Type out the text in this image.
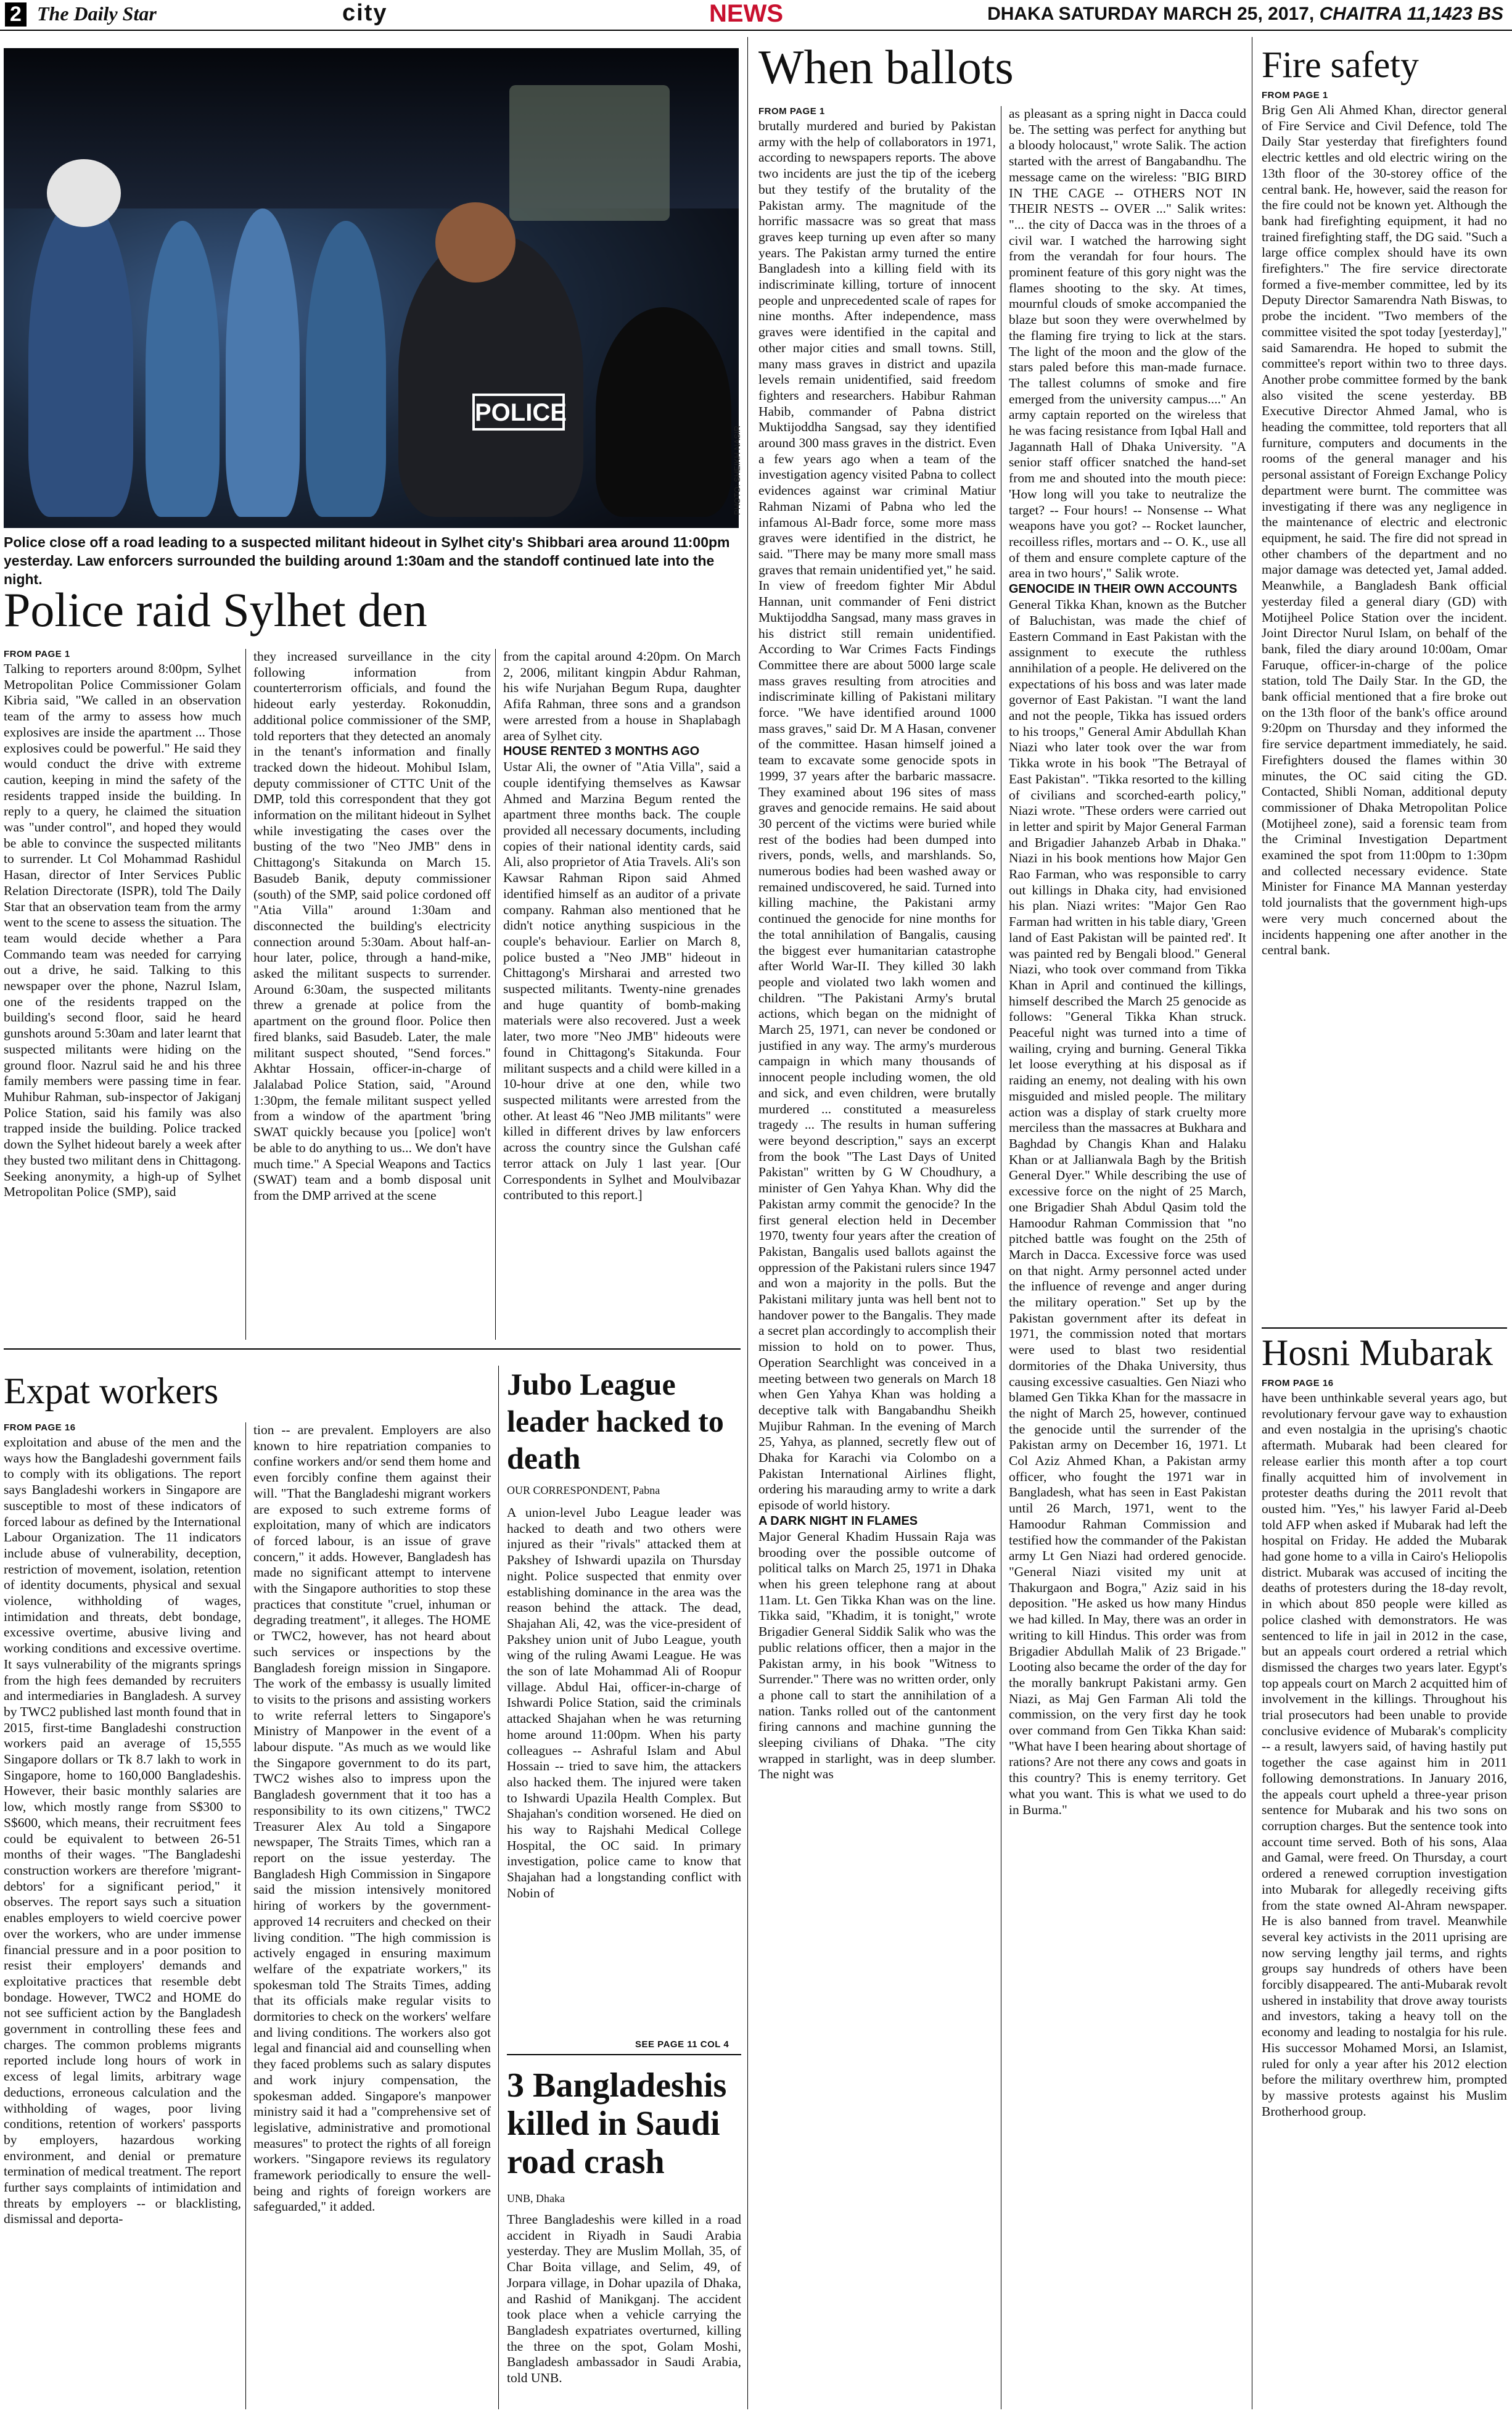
2 The Daily Star	city	NEWS	DHAKA SATURDAY MARCH 25, 2017, CHAITRA 11,1423 BS
POLICE
PHOTO: SHEIKH NASIR
Police close off a road leading to a suspected militant hideout in Sylhet city's Shibbari area around 11:00pm yesterday. Law enforcers surrounded the building around 1:30am and the standoff continued late into the night.
Police raid Sylhet den
FROM PAGE 1

Talking to reporters around 8:00pm, Sylhet Metropolitan Police Commissioner Golam Kibria said, "We called in an observation team of the army to assess how much explosives are inside the apartment ... Those explosives could be powerful." He said they would conduct the drive with extreme caution, keeping in mind the safety of the residents trapped inside the building. In reply to a query, he claimed the situation was "under control", and hoped they would be able to convince the suspected militants to surrender. Lt Col Mohammad Rashidul Hasan, director of Inter Services Public Relation Directorate (ISPR), told The Daily Star that an observation team from the army went to the scene to assess the situation. The team would decide whether a Para Commando team was needed for carrying out a drive, he said. Talking to this newspaper over the phone, Nazrul Islam, one of the residents trapped on the building's second floor, said he heard gunshots around 5:30am and later learnt that suspected militants were hiding on the ground floor. Nazrul said he and his three family members were passing time in fear. Muhibur Rahman, sub-inspector of Jakiganj Police Station, said his family was also trapped inside the building. Police tracked down the Sylhet hideout barely a week after they busted two militant dens in Chittagong. Seeking anonymity, a high-up of Sylhet Metropolitan Police (SMP), said

they increased surveillance in the city following information from counterterrorism officials, and found the hideout early yesterday. Rokonuddin, additional police commissioner of the SMP, told reporters that they detected an anomaly in the tenant's information and finally tracked down the hideout. Mohibul Islam, deputy commissioner of CTTC Unit of the DMP, told this correspondent that they got information on the militant hideout in Sylhet while investigating the cases over the busting of the two "Neo JMB" dens in Chittagong's Sitakunda on March 15. Basudeb Banik, deputy commissioner (south) of the SMP, said police cordoned off "Atia Villa" around 1:30am and disconnected the building's electricity connection around 5:30am. About half-an-hour later, police, through a hand-mike, asked the militant suspects to surrender. Around 6:30am, the suspected militants threw a grenade at police from the apartment on the ground floor. Police then fired blanks, said Basudeb. Later, the male militant suspect shouted, "Send forces." Akhtar Hossain, officer-in-charge of Jalalabad Police Station, said, "Around 1:30pm, the female militant suspect yelled from a window of the apartment 'bring SWAT quickly because you [police] won't be able to do anything to us... We don't have much time." A Special Weapons and Tactics (SWAT) team and a bomb disposal unit from the DMP arrived at the scene

from the capital around 4:20pm. On March 2, 2006, militant kingpin Abdur Rahman, his wife Nurjahan Begum Rupa, daughter Afifa Rahman, three sons and a grandson were arrested from a house in Shaplabagh area of Sylhet city.

HOUSE RENTED 3 MONTHS AGO

Ustar Ali, the owner of "Atia Villa", said a couple identifying themselves as Kawsar Ahmed and Marzina Begum rented the apartment three months back. The couple provided all necessary documents, including copies of their national identity cards, said Ali, also proprietor of Atia Travels. Ali's son Kawsar Rahman Ripon said Ahmed identified himself as an auditor of a private company. Rahman also mentioned that he didn't notice anything suspicious in the couple's behaviour. Earlier on March 8, police busted a "Neo JMB" hideout in Chittagong's Mirsharai and arrested two suspected militants. Twenty-nine grenades and huge quantity of bomb-making materials were also recovered. Just a week later, two more "Neo JMB" hideouts were found in Chittagong's Sitakunda. Four militant suspects and a child were killed in a 10-hour drive at one den, while two suspected militants were arrested from the other. At least 46 "Neo JMB militants" were killed in different drives by law enforcers across the country since the Gulshan café terror attack on July 1 last year. [Our Correspondents in Sylhet and Moulvibazar contributed to this report.]

Expat workers
FROM PAGE 16

exploitation and abuse of the men and the ways how the Bangladeshi government fails to comply with its obligations. The report says Bangladeshi workers in Singapore are susceptible to most of these indicators of forced labour as defined by the International Labour Organization. The 11 indicators include abuse of vulnerability, deception, restriction of movement, isolation, retention of identity documents, physical and sexual violence, withholding of wages, intimidation and threats, debt bondage, excessive overtime, abusive living and working conditions and excessive overtime. It says vulnerability of the migrants springs from the high fees demanded by recruiters and intermediaries in Bangladesh. A survey by TWC2 published last month found that in 2015, first-time Bangladeshi construction workers paid an average of 15,555 Singapore dollars or Tk 8.7 lakh to work in Singapore, home to 160,000 Bangladeshis. However, their basic monthly salaries are low, which mostly range from S$300 to S$600, which means, their recruitment fees could be equivalent to between 26-51 months of their wages. "The Bangladeshi construction workers are therefore 'migrant-debtors' for a significant period," it observes. The report says such a situation enables employers to wield coercive power over the workers, who are under immense financial pressure and in a poor position to resist their employers' demands and exploitative practices that resemble debt bondage. However, TWC2 and HOME do not see sufficient action by the Bangladesh government in controlling these fees and charges. The common problems migrants reported include long hours of work in excess of legal limits, arbitrary wage deductions, erroneous calculation and the withholding of wages, poor living conditions, retention of workers' passports by employers, hazardous working environment, and denial or premature termination of medical treatment. The report further says complaints of intimidation and threats by employers -- or blacklisting, dismissal and deporta-

tion -- are prevalent. Employers are also known to hire repatriation companies to confine workers and/or send them home and even forcibly confine them against their will. "That the Bangladeshi migrant workers are exposed to such extreme forms of exploitation, many of which are indicators of forced labour, is an issue of grave concern," it adds. However, Bangladesh has made no significant attempt to intervene with the Singapore authorities to stop these practices that constitute "cruel, inhuman or degrading treatment", it alleges. The HOME or TWC2, however, has not heard about such services or inspections by the Bangladesh foreign mission in Singapore. The work of the embassy is usually limited to visits to the prisons and assisting workers to write referral letters to Singapore's Ministry of Manpower in the event of a labour dispute. "As much as we would like the Singapore government to do its part, TWC2 wishes also to impress upon the Bangladesh government that it too has a responsibility to its own citizens," TWC2 Treasurer Alex Au told a Singapore newspaper, The Straits Times, which ran a report on the issue yesterday. The Bangladesh High Commission in Singapore said the mission intensively monitored hiring of workers by the government-approved 14 recruiters and checked on their living condition. "The high commission is actively engaged in ensuring maximum welfare of the expatriate workers," its spokesman told The Straits Times, adding that its officials make regular visits to dormitories to check on the workers' welfare and living conditions. The workers also got legal and financial aid and counselling when they faced problems such as salary disputes and work injury compensation, the spokesman added. Singapore's manpower ministry said it had a "comprehensive set of legislative, administrative and promotional measures" to protect the rights of all foreign workers. "Singapore reviews its regulatory framework periodically to ensure the well-being and rights of foreign workers are safeguarded," it added.

Jubo League leader hacked to death
OUR CORRESPONDENT, Pabna

A union-level Jubo League leader was hacked to death and two others were injured as their "rivals" attacked them at Pakshey of Ishwardi upazila on Thursday night. Police suspected that enmity over establishing dominance in the area was the reason behind the attack. The dead, Shajahan Ali, 42, was the vice-president of Pakshey union unit of Jubo League, youth wing of the ruling Awami League. He was the son of late Mohammad Ali of Roopur village. Abdul Hai, officer-in-charge of Ishwardi Police Station, said the criminals attacked Shajahan when he was returning home around 11:00pm. When his party colleagues -- Ashraful Islam and Abul Hossain -- tried to save him, the attackers also hacked them. The injured were taken to Ishwardi Upazila Health Complex. But Shajahan's condition worsened. He died on his way to Rajshahi Medical College Hospital, the OC said. In primary investigation, police came to know that Shajahan had a longstanding conflict with Nobin of

SEE PAGE 11 COL 4
3 Bangladeshis killed in Saudi road crash
UNB, Dhaka

Three Bangladeshis were killed in a road accident in Riyadh in Saudi Arabia yesterday. They are Muslim Mollah, 35, of Char Boita village, and Selim, 49, of Jorpara village, in Dohar upazila of Dhaka, and Rashid of Manikganj. The accident took place when a vehicle carrying the Bangladesh expatriates overturned, killing the three on the spot, Golam Moshi, Bangladesh ambassador in Saudi Arabia, told UNB.

When ballots
FROM PAGE 1

brutally murdered and buried by Pakistan army with the help of collaborators in 1971, according to newspapers reports. The above two incidents are just the tip of the iceberg but they testify of the brutality of the Pakistan army. The magnitude of the horrific massacre was so great that mass graves keep turning up even after so many years. The Pakistan army turned the entire Bangladesh into a killing field with its indiscriminate killing, torture of innocent people and unprecedented scale of rapes for nine months. After independence, mass graves were identified in the capital and other major cities and small towns. Still, many mass graves in district and upazila levels remain unidentified, said freedom fighters and researchers. Habibur Rahman Habib, commander of Pabna district Muktijoddha Sangsad, say they identified around 300 mass graves in the district. Even a few years ago when a team of the investigation agency visited Pabna to collect evidences against war criminal Matiur Rahman Nizami of Pabna who led the infamous Al-Badr force, some more mass graves were identified in the district, he said. "There may be many more small mass graves that remain unidentified yet," he said. In view of freedom fighter Mir Abdul Hannan, unit commander of Feni district Muktijoddha Sangsad, many mass graves in his district still remain unidentified. According to War Crimes Facts Findings Committee there are about 5000 large scale mass graves resulting from atrocities and indiscriminate killing of Pakistani military force. "We have identified around 1000 mass graves," said Dr. M A Hasan, convener of the committee. Hasan himself joined a team to excavate some genocide spots in 1999, 37 years after the barbaric massacre. They examined about 196 sites of mass graves and genocide remains. He said about 30 percent of the victims were buried while rest of the bodies had been dumped into rivers, ponds, wells, and marshlands. So, numerous bodies had been washed away or remained undiscovered, he said. Turned into killing machine, the Pakistani army continued the genocide for nine months for the total annihilation of Bangalis, causing the biggest ever humanitarian catastrophe after World War-II. They killed 30 lakh people and violated two lakh women and children. "The Pakistani Army's brutal actions, which began on the midnight of March 25, 1971, can never be condoned or justified in any way. The army's murderous campaign in which many thousands of innocent people including women, the old and sick, and even children, were brutally murdered ... constituted a measureless tragedy ... The results in human suffering were beyond description," says an excerpt from the book "The Last Days of United Pakistan" written by G W Choudhury, a minister of Gen Yahya Khan. Why did the Pakistan army commit the genocide? In the first general election held in December 1970, twenty four years after the creation of Pakistan, Bangalis used ballots against the oppression of the Pakistani rulers since 1947 and won a majority in the polls. But the Pakistani military junta was hell bent not to handover power to the Bangalis. They made a secret plan accordingly to accomplish their mission to hold on to power. Thus, Operation Searchlight was conceived in a meeting between two generals on March 18 when Gen Yahya Khan was holding a deceptive talk with Bangabandhu Sheikh Mujibur Rahman. In the evening of March 25, Yahya, as planned, secretly flew out of Dhaka for Karachi via Colombo on a Pakistan International Airlines flight, ordering his marauding army to write a dark episode of world history.

A DARK NIGHT IN FLAMES

Major General Khadim Hussain Raja was brooding over the possible outcome of political talks on March 25, 1971 in Dhaka when his green telephone rang at about 11am. Lt. Gen Tikka Khan was on the line. Tikka said, "Khadim, it is tonight," wrote Brigadier General Siddik Salik who was the public relations officer, then a major in the Pakistan army, in his book "Witness to Surrender." There was no written order, only a phone call to start the annihilation of a nation. Tanks rolled out of the cantonment firing cannons and machine gunning the sleeping civilians of Dhaka. "The city wrapped in starlight, was in deep slumber. The night was

as pleasant as a spring night in Dacca could be. The setting was perfect for anything but a bloody holocaust," wrote Salik. The action started with the arrest of Bangabandhu. The message came on the wireless: "BIG BIRD IN THE CAGE -- OTHERS NOT IN THEIR NESTS -- OVER ..." Salik writes: "... the city of Dacca was in the throes of a civil war. I watched the harrowing sight from the verandah for four hours. The prominent feature of this gory night was the flames shooting to the sky. At times, mournful clouds of smoke accompanied the blaze but soon they were overwhelmed by the flaming fire trying to lick at the stars. The light of the moon and the glow of the stars paled before this man-made furnace. The tallest columns of smoke and fire emerged from the university campus...." An army captain reported on the wireless that he was facing resistance from Iqbal Hall and Jagannath Hall of Dhaka University. "A senior staff officer snatched the hand-set from me and shouted into the mouth piece: 'How long will you take to neutralize the target? -- Four hours! -- Nonsense -- What weapons have you got? -- Rocket launcher, recoilless rifles, mortars and -- O. K., use all of them and ensure complete capture of the area in two hours'," Salik wrote.

GENOCIDE IN THEIR OWN ACCOUNTS

General Tikka Khan, known as the Butcher of Baluchistan, was made the chief of Eastern Command in East Pakistan with the assignment to execute the ruthless annihilation of a people. He delivered on the expectations of his boss and was later made governor of East Pakistan. "I want the land and not the people, Tikka has issued orders to his troops," General Amir Abdullah Khan Niazi who later took over the war from Tikka wrote in his book "The Betrayal of East Pakistan". "Tikka resorted to the killing of civilians and scorched-earth policy," Niazi wrote. "These orders were carried out in letter and spirit by Major General Farman and Brigadier Jahanzeb Arbab in Dhaka." Niazi in his book mentions how Major Gen Rao Farman, who was responsible to carry out killings in Dhaka city, had envisioned his plan. Niazi writes: "Major Gen Rao Farman had written in his table diary, 'Green land of East Pakistan will be painted red'. It was painted red by Bengali blood." General Niazi, who took over command from Tikka Khan in April and continued the killings, himself described the March 25 genocide as follows: "General Tikka Khan struck. Peaceful night was turned into a time of wailing, crying and burning. General Tikka let loose everything at his disposal as if raiding an enemy, not dealing with his own misguided and misled people. The military action was a display of stark cruelty more merciless than the massacres at Bukhara and Baghdad by Changis Khan and Halaku Khan or at Jallianwala Bagh by the British General Dyer." While describing the use of excessive force on the night of 25 March, one Brigadier Shah Abdul Qasim told the Hamoodur Rahman Commission that "no pitched battle was fought on the 25th of March in Dacca. Excessive force was used on that night. Army personnel acted under the influence of revenge and anger during the military operation." Set up by the Pakistan government after its defeat in 1971, the commission noted that mortars were used to blast two residential dormitories of the Dhaka University, thus causing excessive casualties. Gen Niazi who blamed Gen Tikka Khan for the massacre in the night of March 25, however, continued the genocide until the surrender of the Pakistan army on December 16, 1971. Lt Col Aziz Ahmed Khan, a Pakistan army officer, who fought the 1971 war in Bangladesh, what has seen in East Pakistan until 26 March, 1971, went to the Hamoodur Rahman Commission and testified how the commander of the Pakistan army Lt Gen Niazi had ordered genocide. "General Niazi visited my unit at Thakurgaon and Bogra," Aziz said in his deposition. "He asked us how many Hindus we had killed. In May, there was an order in writing to kill Hindus. This order was from Brigadier Abdullah Malik of 23 Brigade." Looting also became the order of the day for the morally bankrupt Pakistani army. Gen Niazi, as Maj Gen Farman Ali told the commission, on the very first day he took over command from Gen Tikka Khan said: "What have I been hearing about shortage of rations? Are not there any cows and goats in this country? This is enemy territory. Get what you want. This is what we used to do in Burma."

Fire safety
FROM PAGE 1

Brig Gen Ali Ahmed Khan, director general of Fire Service and Civil Defence, told The Daily Star yesterday that firefighters found electric kettles and old electric wiring on the 13th floor of the 30-storey office of the central bank. He, however, said the reason for the fire could not be known yet. Although the bank had firefighting equipment, it had no trained firefighting staff, the DG said. "Such a large office complex should have its own firefighters." The fire service directorate formed a five-member committee, led by its Deputy Director Samarendra Nath Biswas, to probe the incident. "Two members of the committee visited the spot today [yesterday]," said Samarendra. He hoped to submit the committee's report within two to three days. Another probe committee formed by the bank also visited the scene yesterday. BB Executive Director Ahmed Jamal, who is heading the committee, told reporters that all furniture, computers and documents in the rooms of the general manager and his personal assistant of Foreign Exchange Policy department were burnt. The committee was investigating if there was any negligence in the maintenance of electric and electronic equipment, he said. The fire did not spread in other chambers of the department and no major damage was detected yet, Jamal added. Meanwhile, a Bangladesh Bank official yesterday filed a general diary (GD) with Motijheel Police Station over the incident. Joint Director Nurul Islam, on behalf of the bank, filed the diary around 10:00am, Omar Faruque, officer-in-charge of the police station, told The Daily Star. In the GD, the bank official mentioned that a fire broke out on the 13th floor of the bank's office around 9:20pm on Thursday and they informed the fire service department immediately, he said. Firefighters doused the flames within 30 minutes, the OC said citing the GD. Contacted, Shibli Noman, additional deputy commissioner of Dhaka Metropolitan Police (Motijheel zone), said a forensic team from the Criminal Investigation Department examined the spot from 11:00pm to 1:30pm and collected necessary evidence. State Minister for Finance MA Mannan yesterday told journalists that the government high-ups were very much concerned about the incidents happening one after another in the central bank.

Hosni Mubarak
FROM PAGE 16

have been unthinkable several years ago, but revolutionary fervour gave way to exhaustion and even nostalgia in the uprising's chaotic aftermath. Mubarak had been cleared for release earlier this month after a top court finally acquitted him of involvement in protester deaths during the 2011 revolt that ousted him. "Yes," his lawyer Farid al-Deeb told AFP when asked if Mubarak had left the hospital on Friday. He added the Mubarak had gone home to a villa in Cairo's Heliopolis district. Mubarak was accused of inciting the deaths of protesters during the 18-day revolt, in which about 850 people were killed as police clashed with demonstrators. He was sentenced to life in jail in 2012 in the case, but an appeals court ordered a retrial which dismissed the charges two years later. Egypt's top appeals court on March 2 acquitted him of involvement in the killings. Throughout his trial prosecutors had been unable to provide conclusive evidence of Mubarak's complicity -- a result, lawyers said, of having hastily put together the case against him in 2011 following demonstrations. In January 2016, the appeals court upheld a three-year prison sentence for Mubarak and his two sons on corruption charges. But the sentence took into account time served. Both of his sons, Alaa and Gamal, were freed. On Thursday, a court ordered a renewed corruption investigation into Mubarak for allegedly receiving gifts from the state owned Al-Ahram newspaper. He is also banned from travel. Meanwhile several key activists in the 2011 uprising are now serving lengthy jail terms, and rights groups say hundreds of others have been forcibly disappeared. The anti-Mubarak revolt ushered in instability that drove away tourists and investors, taking a heavy toll on the economy and leading to nostalgia for his rule. His successor Mohamed Morsi, an Islamist, ruled for only a year after his 2012 election before the military overthrew him, prompted by massive protests against his Muslim Brotherhood group.
